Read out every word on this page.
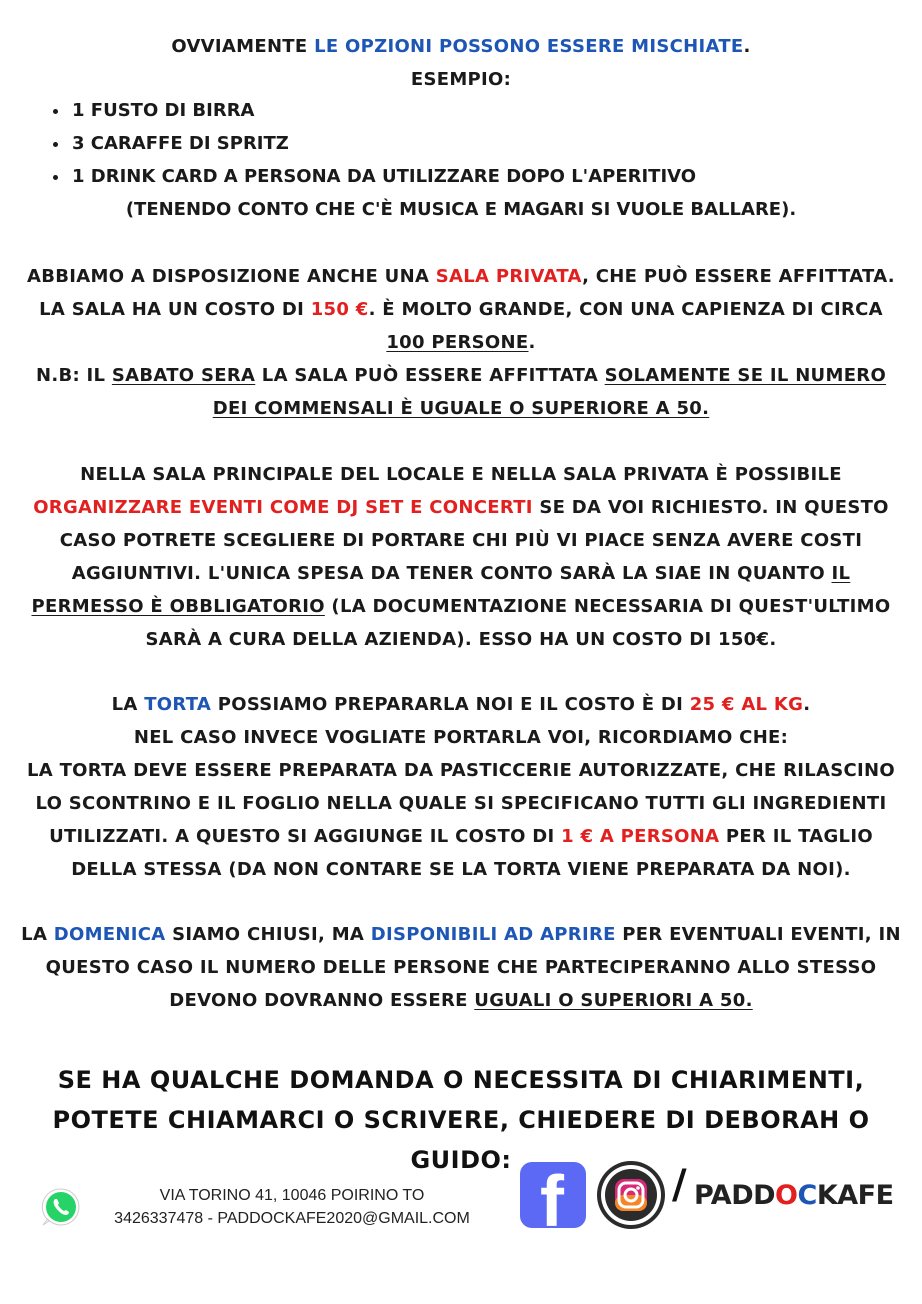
OVVIAMENTE LE OPZIONI POSSONO ESSERE MISCHIATE.
ESEMPIO:
• 1 FUSTO DI BIRRA
• 3 CARAFFE DI SPRITZ
• 1 DRINK CARD A PERSONA DA UTILIZZARE DOPO L'APERITIVO
(TENENDO CONTO CHE C'È MUSICA E MAGARI SI VUOLE BALLARE).
ABBIAMO A DISPOSIZIONE ANCHE UNA SALA PRIVATA, CHE PUÒ ESSERE AFFITTATA. LA SALA HA UN COSTO DI 150 €. È MOLTO GRANDE, CON UNA CAPIENZA DI CIRCA 100 PERSONE.
N.B: IL SABATO SERA LA SALA PUÒ ESSERE AFFITTATA SOLAMENTE SE IL NUMERO DEI COMMENSALI È UGUALE O SUPERIORE A 50.
NELLA SALA PRINCIPALE DEL LOCALE E NELLA SALA PRIVATA È POSSIBILE ORGANIZZARE EVENTI COME DJ SET E CONCERTI SE DA VOI RICHIESTO. IN QUESTO CASO POTRETE SCEGLIERE DI PORTARE CHI PIÙ VI PIACE SENZA AVERE COSTI AGGIUNTIVI. L'UNICA SPESA DA TENER CONTO SARÀ LA SIAE IN QUANTO IL PERMESSO È OBBLIGATORIO (LA DOCUMENTAZIONE NECESSARIA DI QUEST'ULTIMO SARÀ A CURA DELLA AZIENDA). ESSO HA UN COSTO DI 150€.
LA TORTA POSSIAMO PREPARARLA NOI E IL COSTO È DI 25 € AL KG.
NEL CASO INVECE VOGLIATE PORTARLA VOI, RICORDIAMO CHE:
LA TORTA DEVE ESSERE PREPARATA DA PASTICCERIE AUTORIZZATE, CHE RILASCINO LO SCONTRINO E IL FOGLIO NELLA QUALE SI SPECIFICANO TUTTI GLI INGREDIENTI UTILIZZATI. A QUESTO SI AGGIUNGE IL COSTO DI 1 € A PERSONA PER IL TAGLIO DELLA STESSA (DA NON CONTARE SE LA TORTA VIENE PREPARATA DA NOI).
LA DOMENICA SIAMO CHIUSI, MA DISPONIBILI AD APRIRE PER EVENTUALI EVENTI, IN QUESTO CASO IL NUMERO DELLE PERSONE CHE PARTECIPERANNO ALLO STESSO DEVONO DOVRANNO ESSERE UGUALI O SUPERIORI A 50.
SE HA QUALCHE DOMANDA O NECESSITA DI CHIARIMENTI, POTETE CHIAMARCI O SCRIVERE, CHIEDERE DI DEBORAH O GUIDO:
VIA TORINO 41, 10046 POIRINO TO
3426337478 - PADDOCKAFE2020@GMAIL.COM f	/ PADDOCKAFE
